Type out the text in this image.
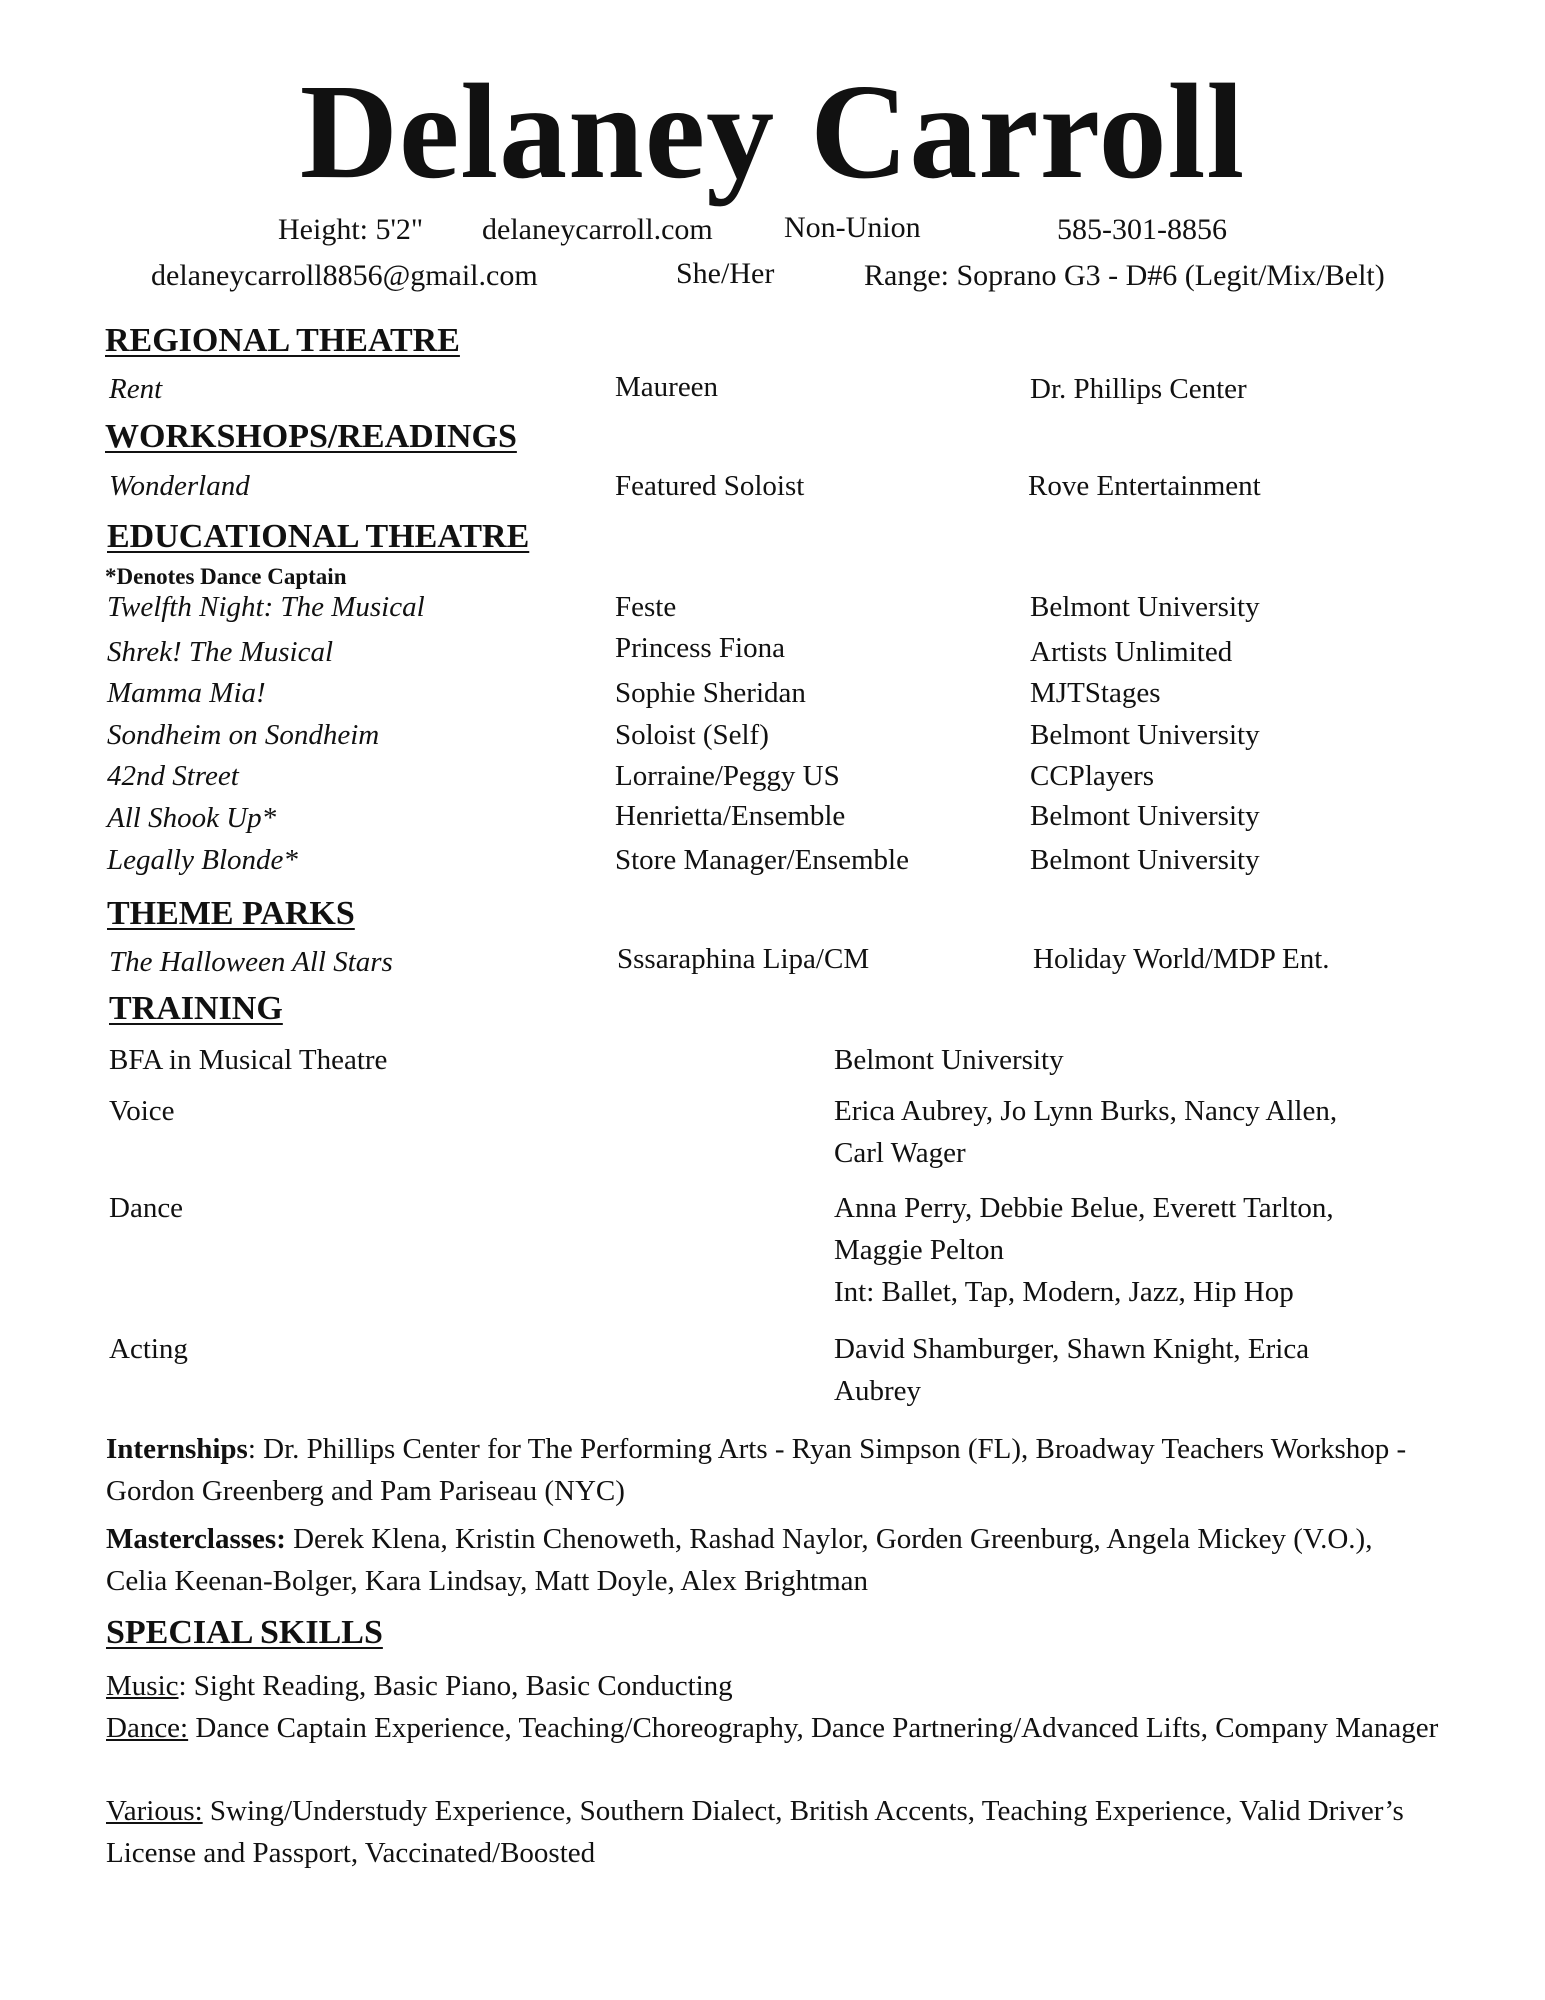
Delaney Carroll
Height: 5'2" delaneycarroll.com Non-Union	585-301-8856
delaneycarroll8856@gmail.com	She/Her	Range: Soprano G3 - D#6 (Legit/Mix/Belt)
REGIONAL THEATRE
Rent	Maureen	Dr. Phillips Center
WORKSHOPS/READINGS
Wonderland	Featured Soloist	Rove Entertainment
EDUCATIONAL THEATRE
*Denotes Dance Captain
Twelfth Night: The Musical	Feste	Belmont University
Shrek! The Musical	Princess Fiona	Artists Unlimited
Mamma Mia!	Sophie Sheridan	MJTStages
Sondheim on Sondheim	Soloist (Self)	Belmont University
42nd Street	Lorraine/Peggy US	CCPlayers
All Shook Up*	Henrietta/Ensemble	Belmont University
Legally Blonde*	Store Manager/Ensemble	Belmont University
THEME PARKS
The Halloween All Stars	Sssaraphina Lipa/CM	Holiday World/MDP Ent.
TRAINING
BFA in Musical Theatre	Belmont University
Voice	Erica Aubrey, Jo Lynn Burks, Nancy Allen,
Carl Wager
Dance	Anna Perry, Debbie Belue, Everett Tarlton,
Maggie Pelton
Int: Ballet, Tap, Modern, Jazz, Hip Hop
Acting	David Shamburger, Shawn Knight, Erica
Aubrey
Internships: Dr. Phillips Center for The Performing Arts - Ryan Simpson (FL), Broadway Teachers Workshop - Gordon Greenberg and Pam Pariseau (NYC)
Masterclasses: Derek Klena, Kristin Chenoweth, Rashad Naylor, Gorden Greenburg, Angela Mickey (V.O.), Celia Keenan-Bolger, Kara Lindsay, Matt Doyle, Alex Brightman
SPECIAL SKILLS
Music: Sight Reading, Basic Piano, Basic Conducting
Dance: Dance Captain Experience, Teaching/Choreography, Dance Partnering/Advanced Lifts, Company Manager
Various: Swing/Understudy Experience, Southern Dialect, British Accents, Teaching Experience, Valid Driver’s License and Passport, Vaccinated/Boosted
